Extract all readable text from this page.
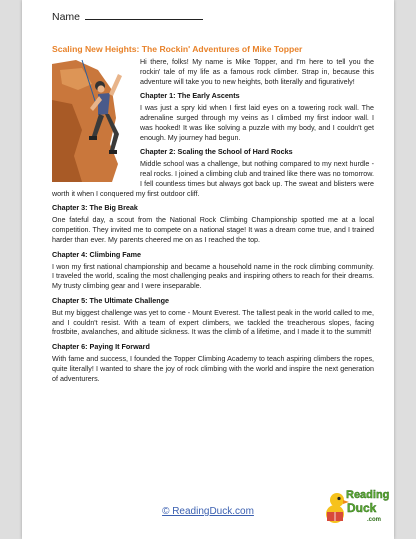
Name
Scaling New Heights: The Rockin' Adventures of Mike Topper

Hi there, folks! My name is Mike Topper, and I'm here to tell you the rockin' tale of my life as a famous rock climber. Strap in, because this adventure will take you to new heights, both literally and figuratively!

Chapter 1: The Early Ascents

I was just a spry kid when I first laid eyes on a towering rock wall. The adrenaline surged through my veins as I climbed my first indoor wall. I was hooked! It was like solving a puzzle with my body, and I couldn't get enough. My journey had begun.

Chapter 2: Scaling the School of Hard Rocks

Middle school was a challenge, but nothing compared to my next hurdle - real rocks. I joined a climbing club and trained like there was no tomorrow. I fell countless times but always got back up. The sweat and blisters were worth it when I conquered my first outdoor cliff.

Chapter 3: The Big Break

One fateful day, a scout from the National Rock Climbing Championship spotted me at a local competition. They invited me to compete on a national stage! It was a dream come true, and I trained harder than ever. My parents cheered me on as I reached the top.

Chapter 4: Climbing Fame

I won my first national championship and became a household name in the rock climbing community. I traveled the world, scaling the most challenging peaks and inspiring others to reach for their dreams. My trusty climbing gear and I were inseparable.

Chapter 5: The Ultimate Challenge

But my biggest challenge was yet to come - Mount Everest. The tallest peak in the world called to me, and I couldn't resist. With a team of expert climbers, we tackled the treacherous slopes, facing frostbite, avalanches, and altitude sickness. It was the climb of a lifetime, and I made it to the summit!

Chapter 6: Paying It Forward

With fame and success, I founded the Topper Climbing Academy to teach aspiring climbers the ropes, quite literally! I wanted to share the joy of rock climbing with the world and inspire the next generation of adventurers.

© ReadingDuck.com
Reading
Duck
.com
